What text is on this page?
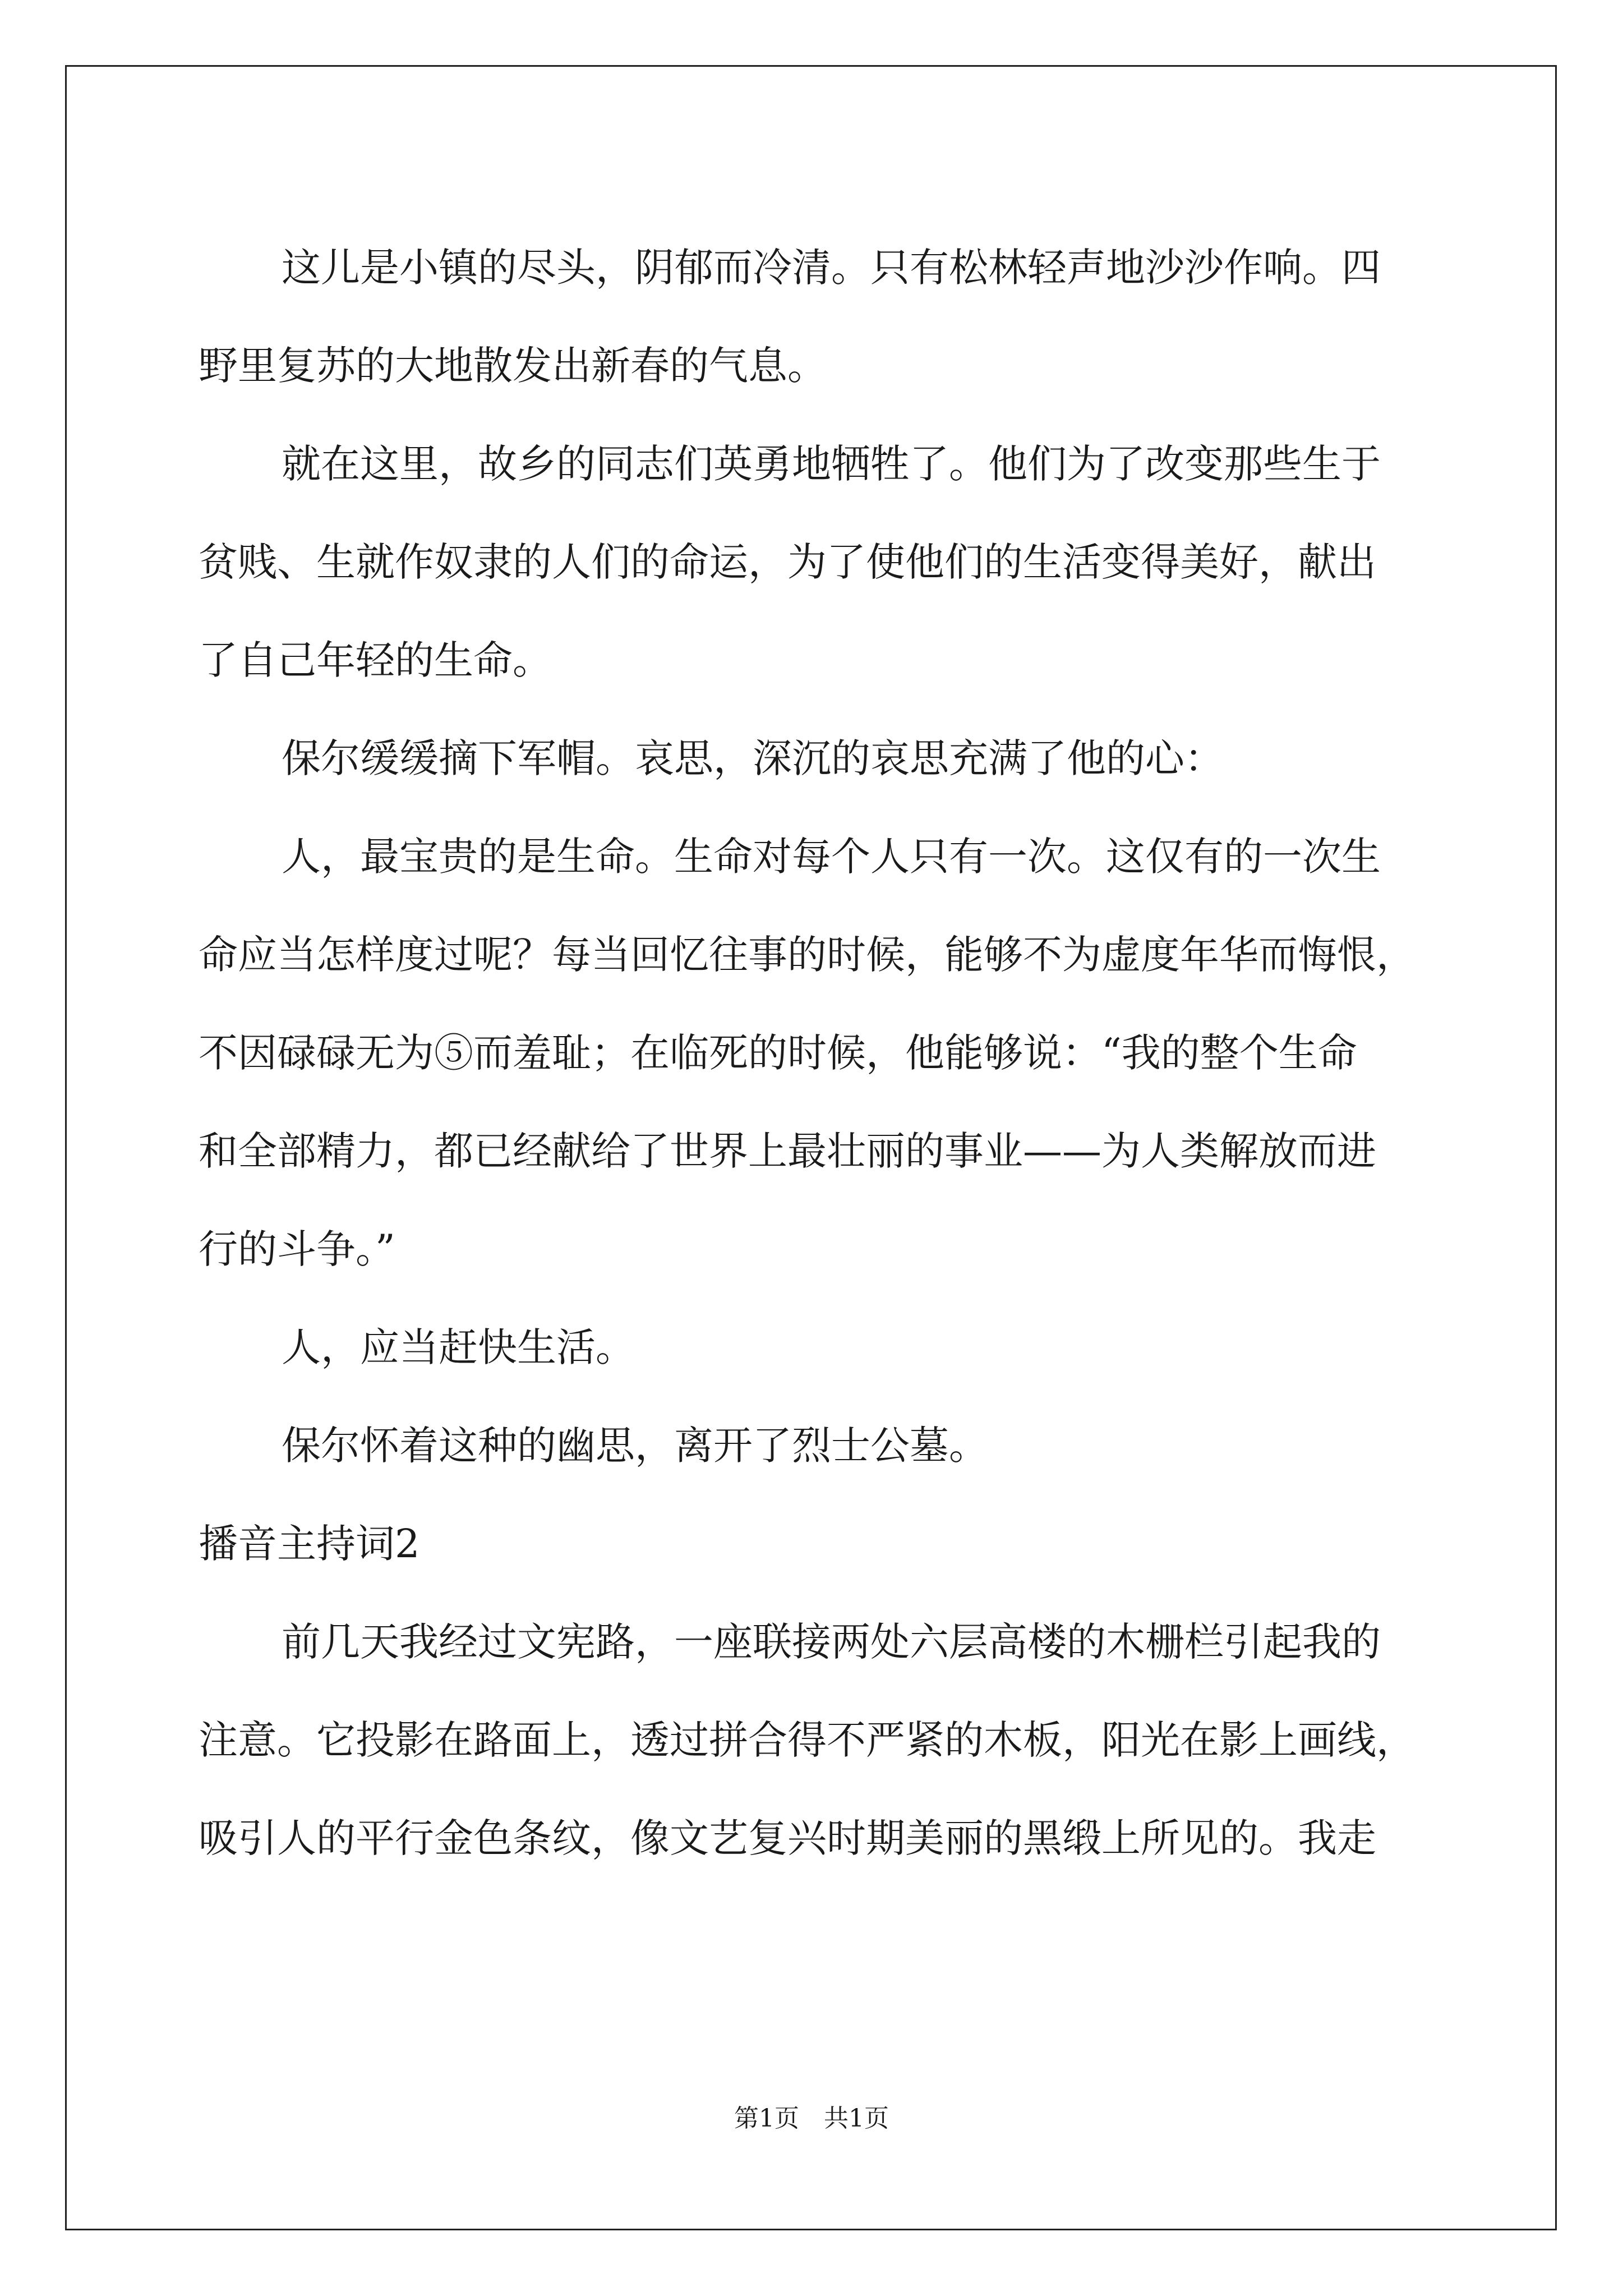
这儿是小镇的尽头，阴郁而冷清。只有松林轻声地沙沙作响。四
野里复苏的大地散发出新春的气息。

就在这里，故乡的同志们英勇地牺牲了。他们为了改变那些生于
贫贱、生就作奴隶的人们的命运，为了使他们的生活变得美好，献出
了自己年轻的生命。

保尔缓缓摘下军帽。哀思，深沉的哀思充满了他的心：

人，最宝贵的是生命。生命对每个人只有一次。这仅有的一次生
命应当怎样度过呢？每当回忆往事的时候，能够不为虚度年华而悔恨，
不因碌碌无为⑤而羞耻；在临死的时候，他能够说：“我的整个生命
和全部精力，都已经献给了世界上最壮丽的事业——为人类解放而进
行的斗争。”

人，应当赶快生活。

保尔怀着这种的幽思，离开了烈士公墓。

播音主持词2

前几天我经过文宪路，一座联接两处六层高楼的木栅栏引起我的
注意。它投影在路面上，透过拼合得不严紧的木板，阳光在影上画线，
吸引人的平行金色条纹，像文艺复兴时期美丽的黑缎上所见的。我走

第1页　共1页
